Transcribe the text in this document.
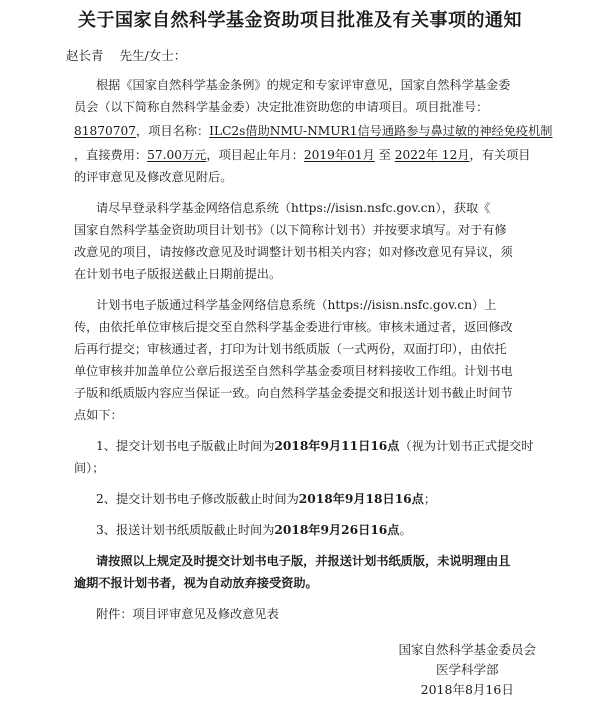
关于国家自然科学基金资助项目批准及有关事项的通知
赵长青 先生/女士：
根据《国家自然科学基金条例》的规定和专家评审意见，国家自然科学基金委
员会（以下简称自然科学基金委）决定批准资助您的申请项目。项目批准号：
81870707，项目名称：ILC2s借助NMU-NMUR1信号通路参与鼻过敏的神经免疫机制
，直接费用：57.00万元，项目起止年月：2019年01月 至 2022年 12月，有关项目
的评审意见及修改意见附后。
请尽早登录科学基金网络信息系统（https://isisn.nsfc.gov.cn），获取《
国家自然科学基金资助项目计划书》（以下简称计划书）并按要求填写。对于有修
改意见的项目，请按修改意见及时调整计划书相关内容；如对修改意见有异议，须
在计划书电子版报送截止日期前提出。
计划书电子版通过科学基金网络信息系统（https://isisn.nsfc.gov.cn）上
传，由依托单位审核后提交至自然科学基金委进行审核。审核未通过者，返回修改
后再行提交；审核通过者，打印为计划书纸质版（一式两份，双面打印），由依托
单位审核并加盖单位公章后报送至自然科学基金委项目材料接收工作组。计划书电
子版和纸质版内容应当保证一致。向自然科学基金委提交和报送计划书截止时间节
点如下：
1、提交计划书电子版截止时间为2018年9月11日16点（视为计划书正式提交时
间）；
2、提交计划书电子修改版截止时间为2018年9月18日16点；
3、报送计划书纸质版截止时间为2018年9月26日16点。
请按照以上规定及时提交计划书电子版，并报送计划书纸质版，未说明理由且
逾期不报计划书者，视为自动放弃接受资助。
附件：项目评审意见及修改意见表
国家自然科学基金委员会
医学科学部
2018年8月16日
